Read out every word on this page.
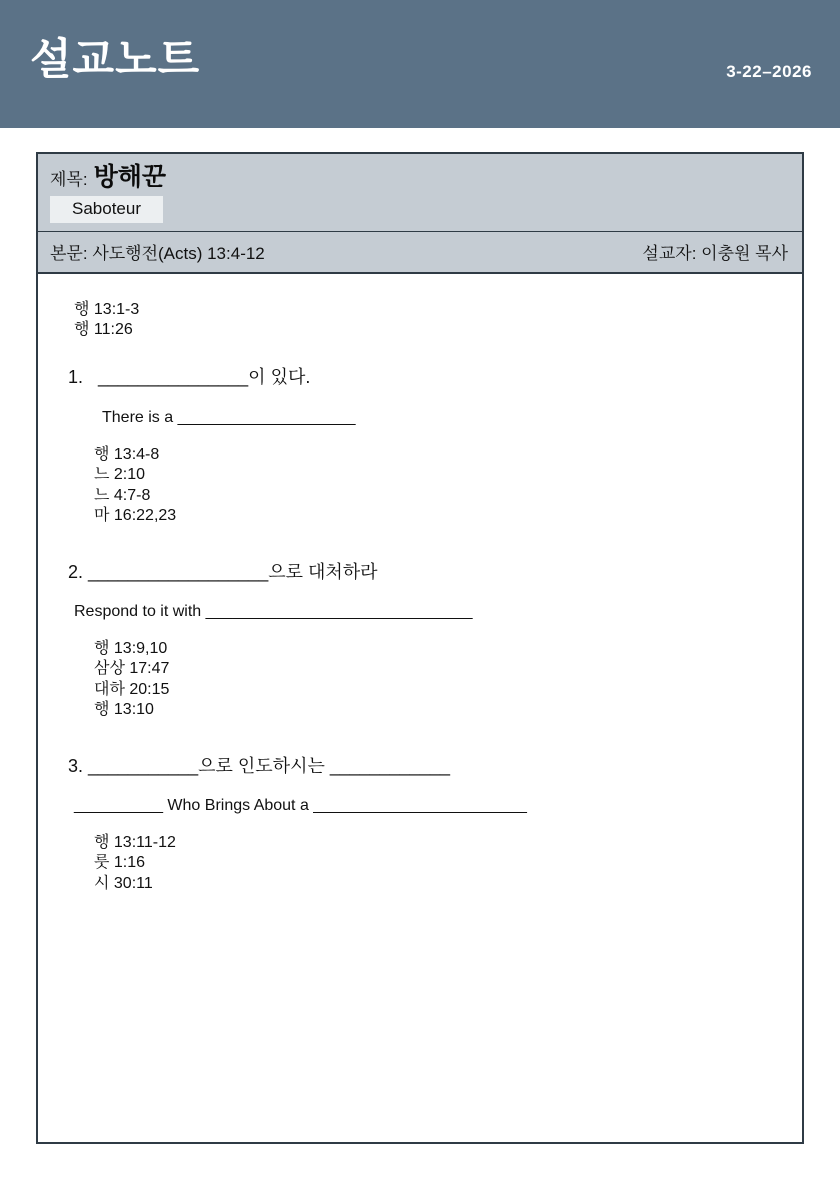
설교노트	3-22–2026
제목: 방해꾼
Saboteur
본문: 사도행전(Acts) 13:4-12	설교자: 이충원 목사
행 13:1-3
행 11:26
1.   _______________이 있다.
There is a ____________________
행 13:4-8
느 2:10
느 4:7-8
마 16:22,23
2. __________________으로 대처하라
Respond to it with ______________________________
행 13:9,10
삼상 17:47
대하 20:15
행 13:10
3. ___________으로 인도하시는 ____________
__________ Who Brings About a ________________________
행 13:11-12
룻 1:16
시 30:11
